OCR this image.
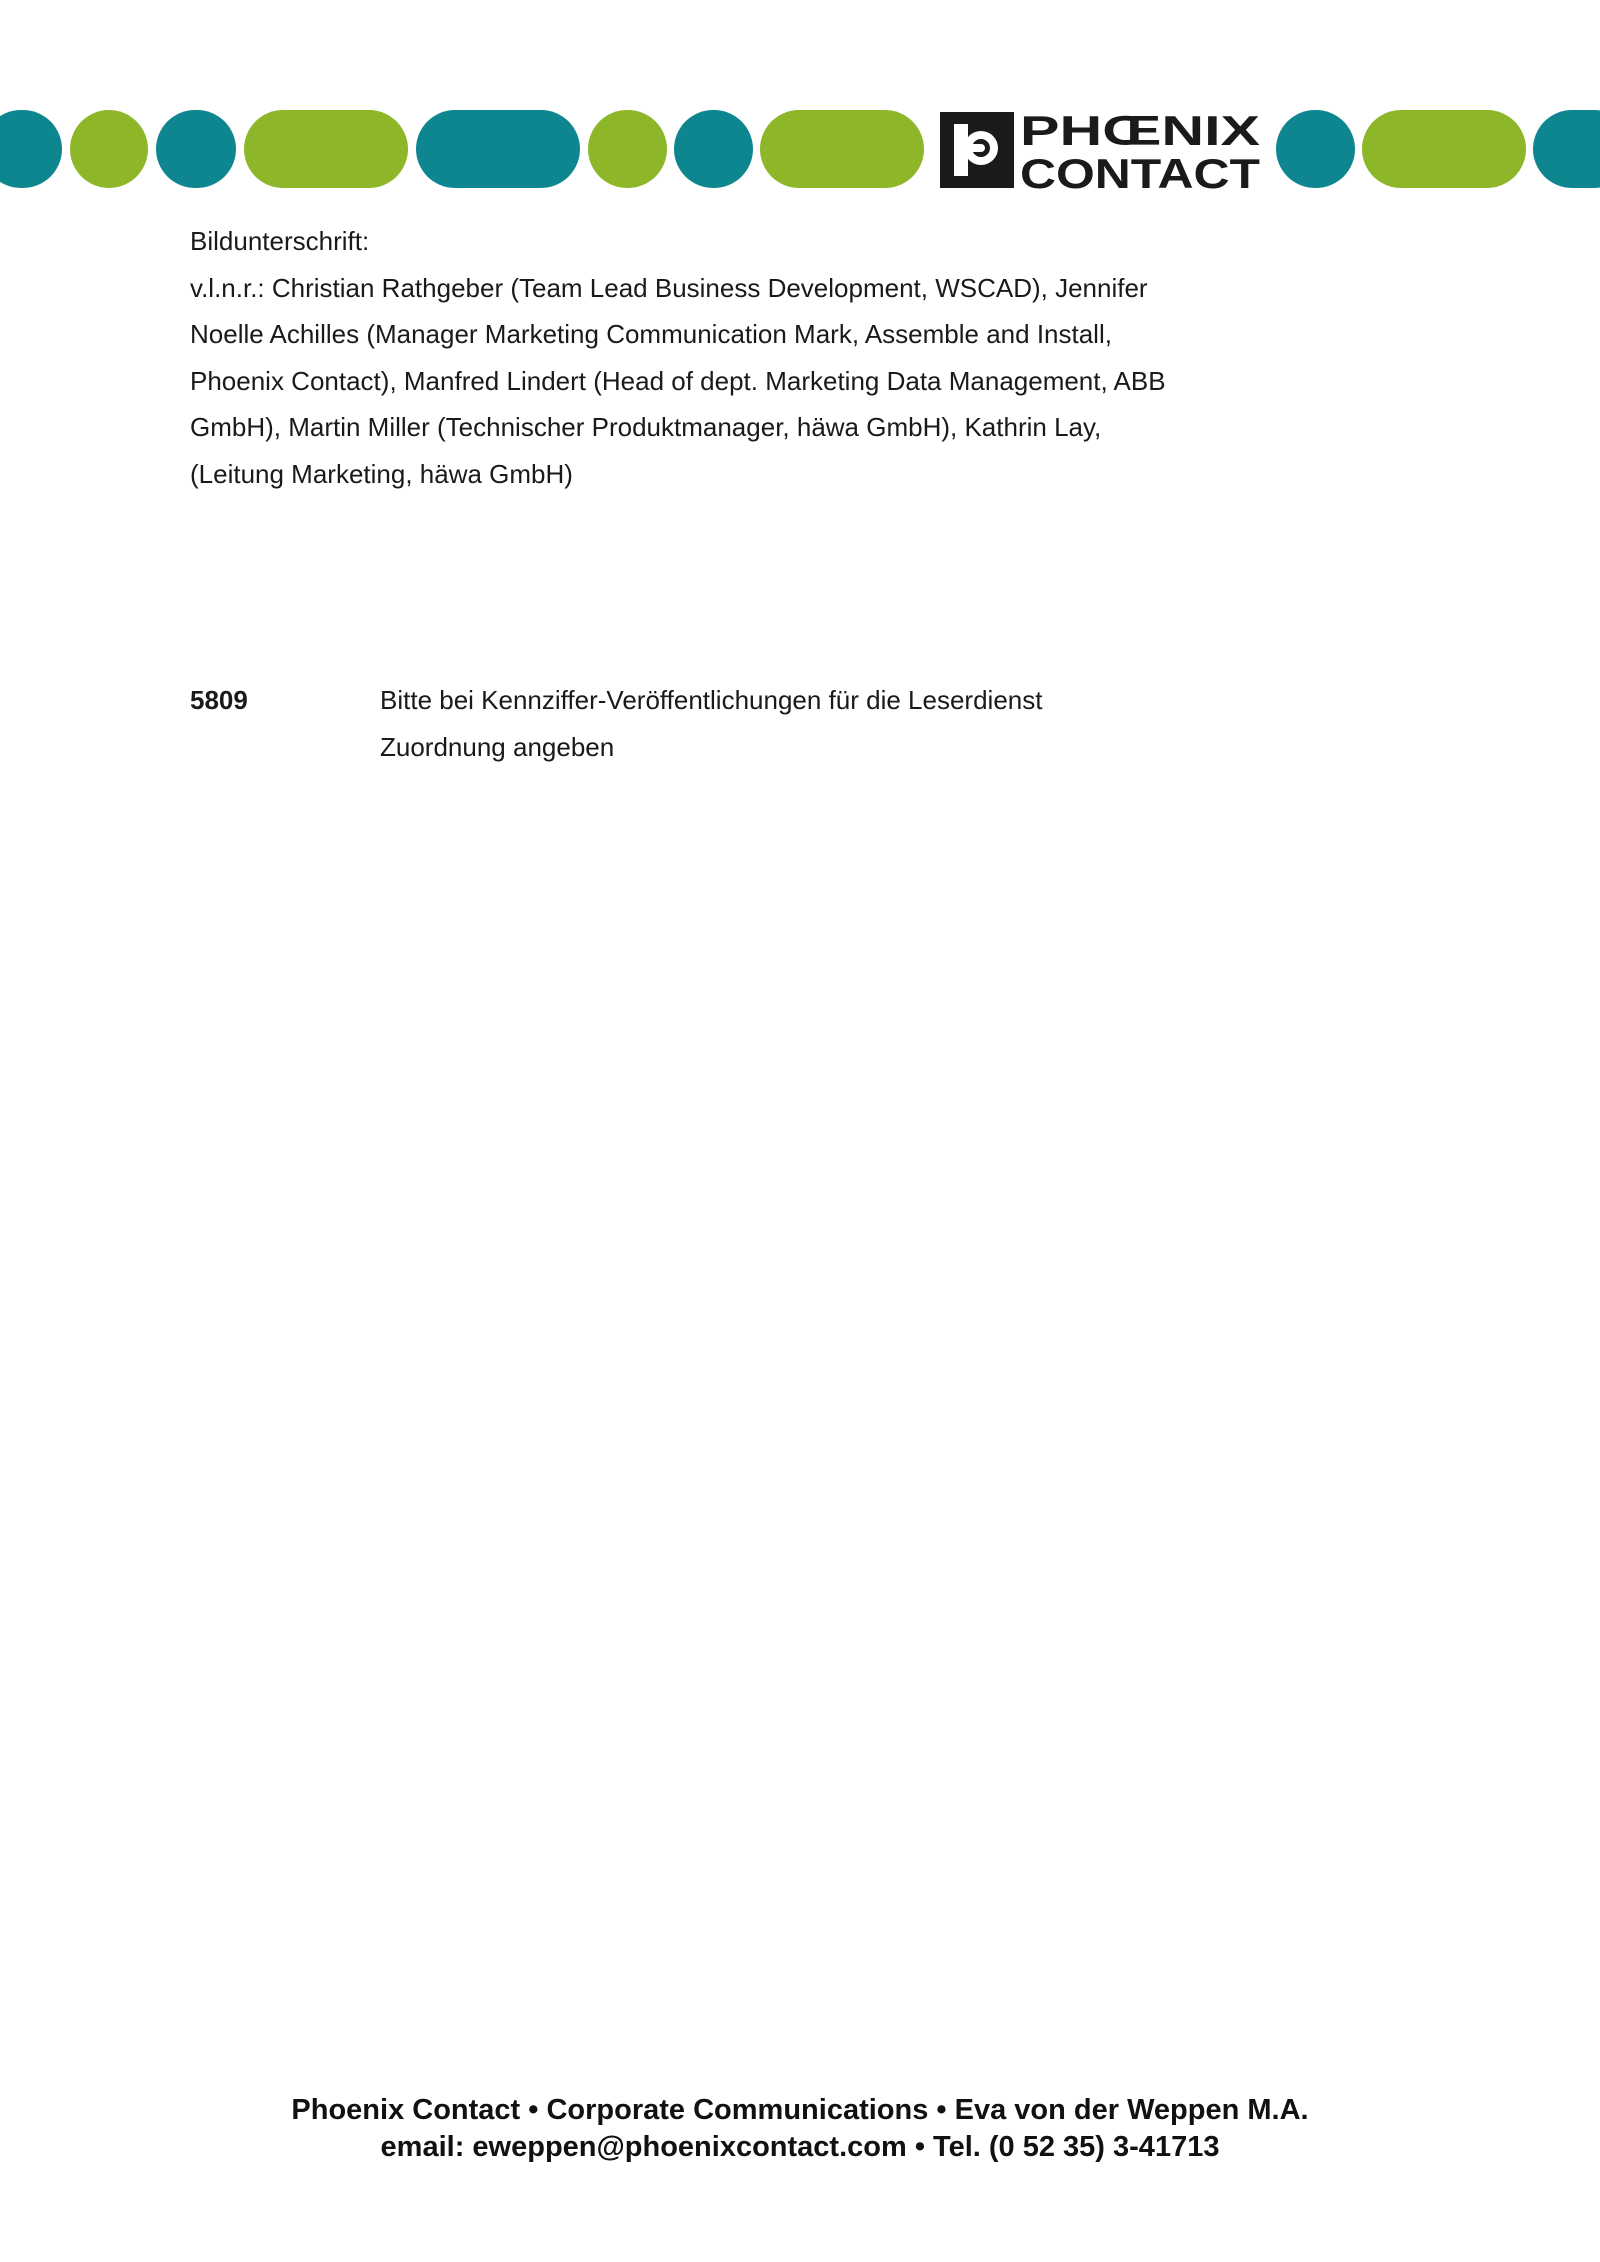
PHŒNIX
CONTACT

Bildunterschrift:

v.l.n.r.: Christian Rathgeber (Team Lead Business Development, WSCAD), Jennifer

Noelle Achilles (Manager Marketing Communication Mark, Assemble and Install,

Phoenix Contact), Manfred Lindert (Head of dept. Marketing Data Management, ABB

GmbH), Martin Miller (Technischer Produktmanager, häwa GmbH), Kathrin Lay,

(Leitung Marketing, häwa GmbH)

5809	Bitte bei Kennziffer-Veröffentlichungen für die Leserdienst

Zuordnung angeben

Phoenix Contact • Corporate Communications • Eva von der Weppen M.A.

email: eweppen@phoenixcontact.com • Tel. (0 52 35) 3-41713
